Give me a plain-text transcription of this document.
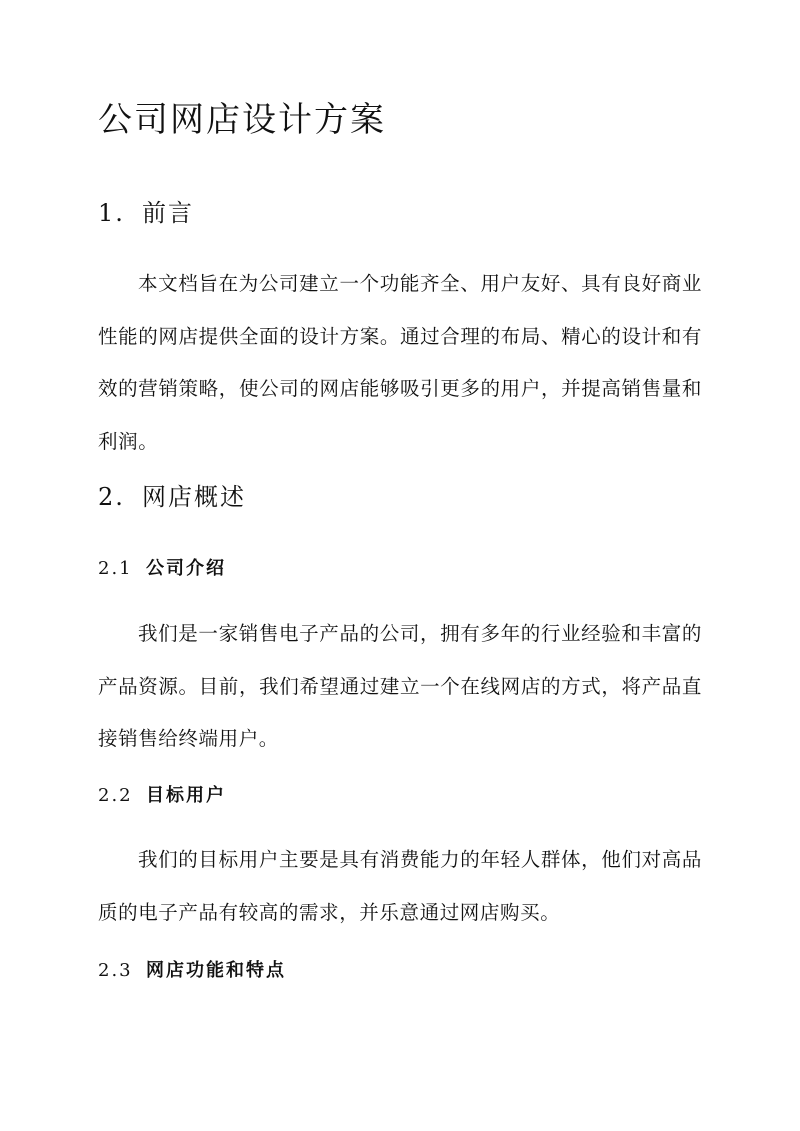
公司网店设计方案
1. 前言

本文档旨在为公司建立一个功能齐全、用户友好、具有良好商业性能的网店提供全面的设计方案。通过合理的布局、精心的设计和有效的营销策略，使公司的网店能够吸引更多的用户，并提高销售量和利润。

2. 网店概述
2.1 公司介绍

我们是一家销售电子产品的公司，拥有多年的行业经验和丰富的产品资源。目前，我们希望通过建立一个在线网店的方式，将产品直接销售给终端用户。

2.2 目标用户

我们的目标用户主要是具有消费能力的年轻人群体，他们对高品质的电子产品有较高的需求，并乐意通过网店购买。

2.3 网店功能和特点
